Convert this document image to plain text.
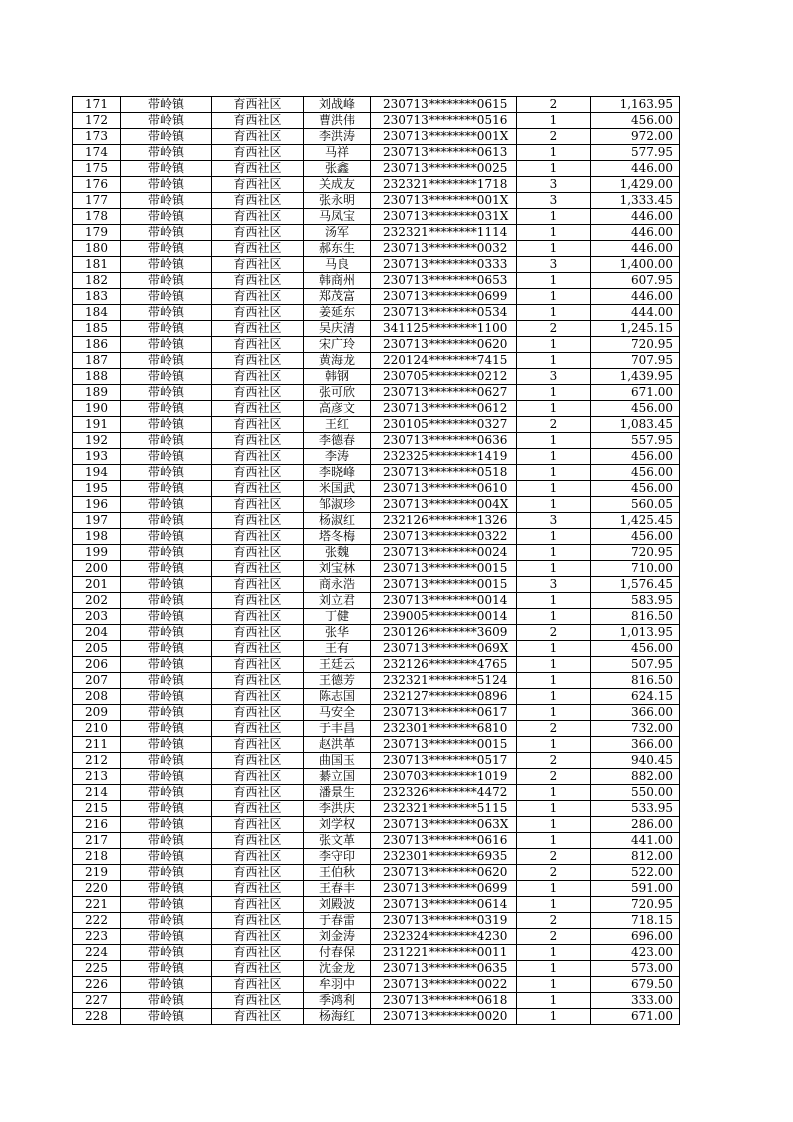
171	带岭镇	育西社区	刘战峰	230713********0615	2	1,163.95
172	带岭镇	育西社区	曹洪伟	230713********0516	1	456.00
173	带岭镇	育西社区	李洪涛	230713********001X	2	972.00
174	带岭镇	育西社区	马祥	230713********0613	1	577.95
175	带岭镇	育西社区	张鑫	230713********0025	1	446.00
176	带岭镇	育西社区	关成友	232321********1718	3	1,429.00
177	带岭镇	育西社区	张永明	230713********001X	3	1,333.45
178	带岭镇	育西社区	马凤宝	230713********031X	1	446.00
179	带岭镇	育西社区	汤军	232321********1114	1	446.00
180	带岭镇	育西社区	郝东生	230713********0032	1	446.00
181	带岭镇	育西社区	马良	230713********0333	3	1,400.00
182	带岭镇	育西社区	韩商州	230713********0653	1	607.95
183	带岭镇	育西社区	郑茂富	230713********0699	1	446.00
184	带岭镇	育西社区	姜延东	230713********0534	1	444.00
185	带岭镇	育西社区	吴庆清	341125********1100	2	1,245.15
186	带岭镇	育西社区	宋广玲	230713********0620	1	720.95
187	带岭镇	育西社区	黄海龙	220124********7415	1	707.95
188	带岭镇	育西社区	韩钢	230705********0212	3	1,439.95
189	带岭镇	育西社区	张可欣	230713********0627	1	671.00
190	带岭镇	育西社区	高彦文	230713********0612	1	456.00
191	带岭镇	育西社区	王红	230105********0327	2	1,083.45
192	带岭镇	育西社区	李德春	230713********0636	1	557.95
193	带岭镇	育西社区	李涛	232325********1419	1	456.00
194	带岭镇	育西社区	李晓峰	230713********0518	1	456.00
195	带岭镇	育西社区	米国武	230713********0610	1	456.00
196	带岭镇	育西社区	邹淑珍	230713********004X	1	560.05
197	带岭镇	育西社区	杨淑红	232126********1326	3	1,425.45
198	带岭镇	育西社区	塔冬梅	230713********0322	1	456.00
199	带岭镇	育西社区	张魏	230713********0024	1	720.95
200	带岭镇	育西社区	刘宝林	230713********0015	1	710.00
201	带岭镇	育西社区	商永浩	230713********0015	3	1,576.45
202	带岭镇	育西社区	刘立君	230713********0014	1	583.95
203	带岭镇	育西社区	丁健	239005********0014	1	816.50
204	带岭镇	育西社区	张华	230126********3609	2	1,013.95
205	带岭镇	育西社区	王有	230713********069X	1	456.00
206	带岭镇	育西社区	王廷云	232126********4765	1	507.95
207	带岭镇	育西社区	王德芳	232321********5124	1	816.50
208	带岭镇	育西社区	陈志国	232127********0896	1	624.15
209	带岭镇	育西社区	马安全	230713********0617	1	366.00
210	带岭镇	育西社区	于丰昌	232301********6810	2	732.00
211	带岭镇	育西社区	赵洪革	230713********0015	1	366.00
212	带岭镇	育西社区	曲国玉	230713********0517	2	940.45
213	带岭镇	育西社区	綦立国	230703********1019	2	882.00
214	带岭镇	育西社区	潘景生	232326********4472	1	550.00
215	带岭镇	育西社区	李洪庆	232321********5115	1	533.95
216	带岭镇	育西社区	刘学权	230713********063X	1	286.00
217	带岭镇	育西社区	张文革	230713********0616	1	441.00
218	带岭镇	育西社区	李守印	232301********6935	2	812.00
219	带岭镇	育西社区	王伯秋	230713********0620	2	522.00
220	带岭镇	育西社区	王春丰	230713********0699	1	591.00
221	带岭镇	育西社区	刘殿波	230713********0614	1	720.95
222	带岭镇	育西社区	于春雷	230713********0319	2	718.15
223	带岭镇	育西社区	刘金涛	232324********4230	2	696.00
224	带岭镇	育西社区	付春保	231221********0011	1	423.00
225	带岭镇	育西社区	沈金龙	230713********0635	1	573.00
226	带岭镇	育西社区	牟羽中	230713********0022	1	679.50
227	带岭镇	育西社区	季鸿利	230713********0618	1	333.00
228	带岭镇	育西社区	杨海红	230713********0020	1	671.00
